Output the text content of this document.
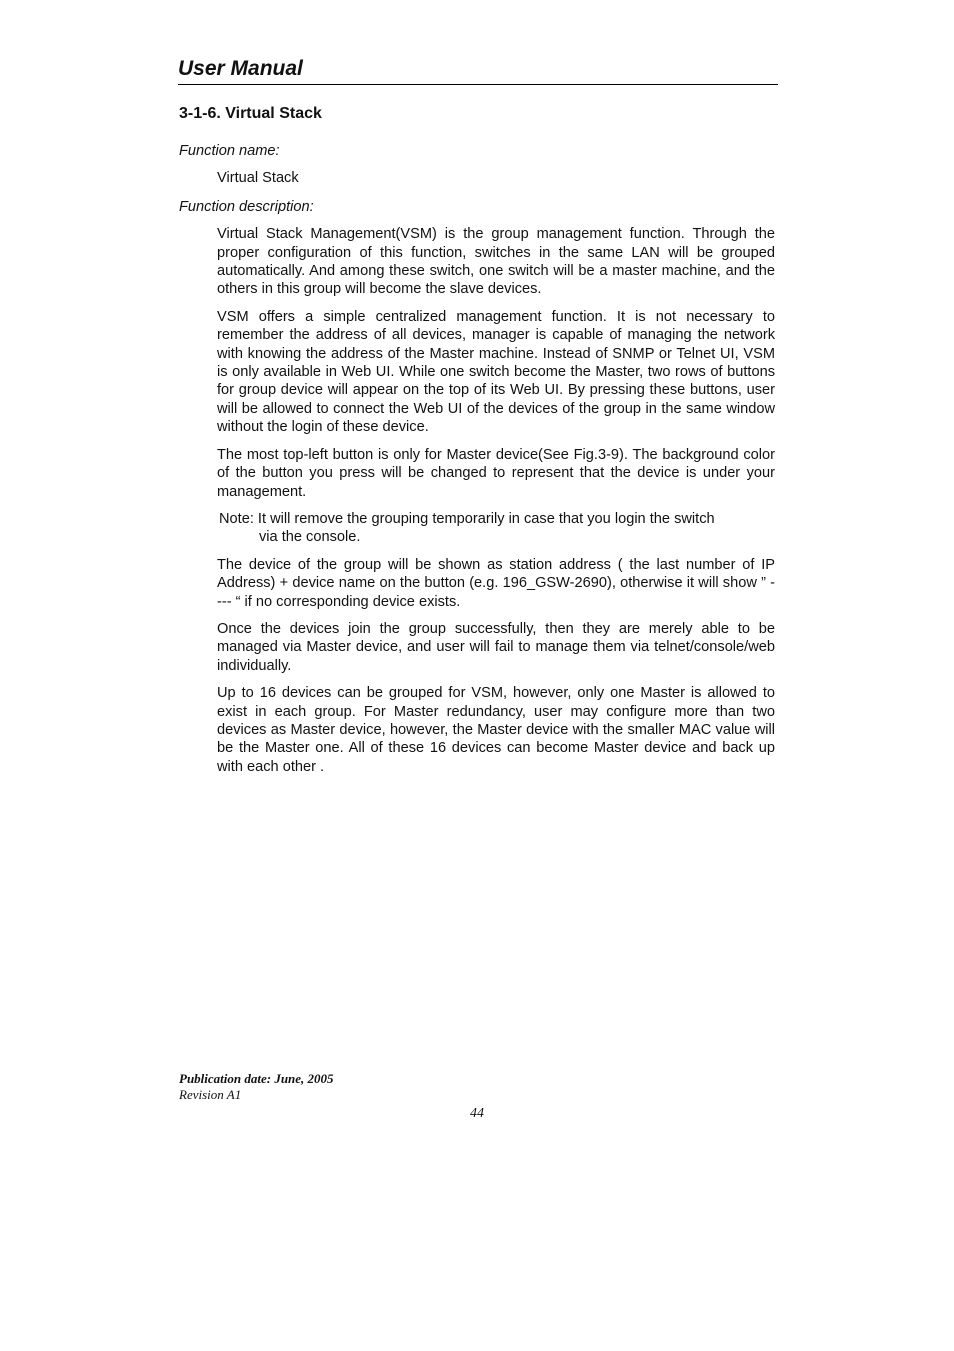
User Manual
3-1-6. Virtual Stack

Function name:

Virtual Stack

Function description:

Virtual Stack Management(VSM) is the group management function. Through the proper configuration of this function, switches in the same LAN will be grouped automatically. And among these switch, one switch will be a master machine, and the others in this group will become the slave devices.

VSM offers a simple centralized management function. It is not necessary to remember the address of all devices, manager is capable of managing the network with knowing the address of the Master machine. Instead of SNMP or Telnet UI, VSM is only available in Web UI. While one switch become the Master, two rows of buttons for group device will appear on the top of its Web UI. By pressing these buttons, user will be allowed to connect the Web UI of the devices of the group in the same window without the login of these device.

The most top-left button is only for Master device(See Fig.3-9). The background color of the button you press will be changed to represent that the device is under your management.

Note: It will remove the grouping temporarily in case that you login the switch
via the console.

The device of the group will be shown as station address ( the last number of IP Address) + device name on the button (e.g. 196_GSW-2690), otherwise it will show ” ---- “ if no corresponding device exists.

Once the devices join the group successfully, then they are merely able to be managed via Master device, and user will fail to manage them via telnet/console/web individually.

Up to 16 devices can be grouped for VSM, however, only one Master is allowed to exist in each group. For Master redundancy, user may configure more than two devices as Master device, however, the Master device with the smaller MAC value will be the Master one. All of these 16 devices can become Master device and back up with each other .

Publication date: June, 2005

Revision A1

44
